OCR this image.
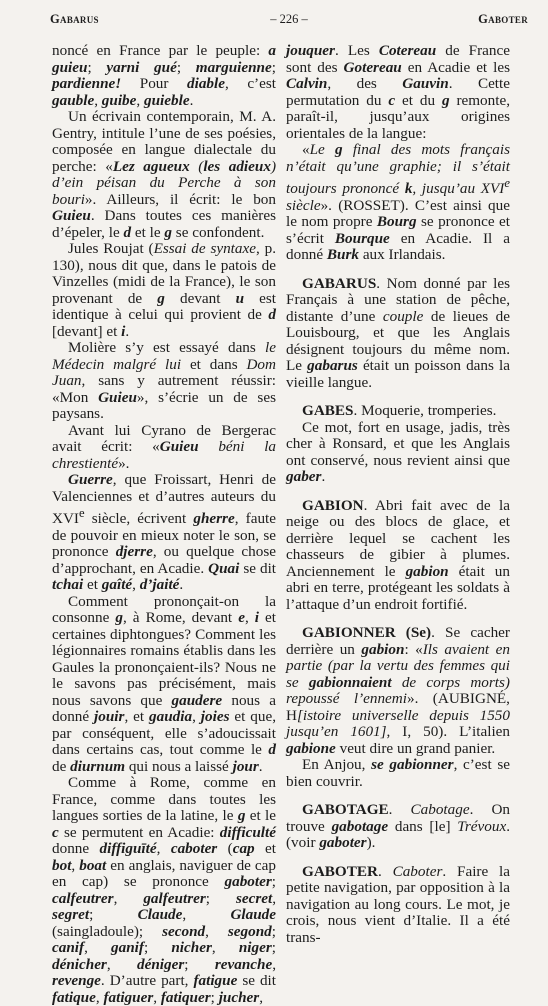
Gabarus	– 226 –	Gaboter

noncé en France par le peuple: a guieu; yarni gué; marguienne; pardienne! Pour diable, c’est gauble, guibe, guieble.

Un écrivain contemporain, M. A. Gentry, intitule l’une de ses poésies, composée en langue dialectale du perche: «Lez agueux (les adieux) d’ein péisan du Perche à son bouri». Ailleurs, il écrit: le bon Guieu. Dans toutes ces manières d’épeler, le d et le g se confondent.

Jules Roujat (Essai de syntaxe, p. 130), nous dit que, dans le patois de Vinzelles (midi de la France), le son provenant de g devant u est identique à celui qui provient de d [devant] et i.

Molière s’y est essayé dans le Médecin malgré lui et dans Dom Juan, sans y autrement réussir: «Mon Guieu», s’écrie un de ses paysans.

Avant lui Cyrano de Bergerac avait écrit: «Guieu béni la chrestienté».

Guerre, que Froissart, Henri de Valenciennes et d’autres auteurs du XVIe siècle, écrivent gherre, faute de pouvoir en mieux noter le son, se prononce djerre, ou quelque chose d’approchant, en Acadie. Quai se dit tchai et gaîté, d’jaité.

Comment prononçait-on la consonne g, à Rome, devant e, i et certaines diphtongues? Comment les légionnaires romains établis dans les Gaules la prononçaient-ils? Nous ne le savons pas précisément, mais nous savons que gaudere nous a donné jouir, et gaudia, joies et que, par conséquent, elle s’adoucissait dans certains cas, tout comme le d de diurnum qui nous a laissé jour.

Comme à Rome, comme en France, comme dans toutes les langues sorties de la latine, le g et le c se permutent en Acadie: difficulté donne diffiguīté, caboter (cap et bot, boat en anglais, naviguer de cap en cap) se prononce gaboter; calfeutrer, galfeutrer; secret, segret; Claude, Glaude (saingladoule); second, segond; canif, ganif; nicher, niger; dénicher, déniger; revanche, revenge. D’autre part, fatigue se dit fatique, fatiguer, fatiquer; jucher,

jouquer. Les Cotereau de France sont des Gotereau en Acadie et les Calvin, des Gauvin. Cette permutation du c et du g remonte, paraît-il, jusqu’aux origines orientales de la langue:

«Le g final des mots français n’était qu’une graphie; il s’était toujours prononcé k, jusqu’au XVIe siècle». (ROSSET). C’est ainsi que le nom propre Bourg se prononce et s’écrit Bourque en Acadie. Il a donné Burk aux Irlandais.

GABARUS. Nom donné par les Français à une station de pêche, distante d’une couple de lieues de Louisbourg, et que les Anglais désignent toujours du même nom. Le gabarus était un poisson dans la vieille langue.

GABES. Moquerie, tromperies.

Ce mot, fort en usage, jadis, très cher à Ronsard, et que les Anglais ont conservé, nous revient ainsi que gaber.

GABION. Abri fait avec de la neige ou des blocs de glace, et derrière lequel se cachent les chasseurs de gibier à plumes. Anciennement le gabion était un abri en terre, protégeant les soldats à l’attaque d’un endroit fortifié.

GABIONNER (Se). Se cacher derrière un gabion: «Ils avaient en partie (par la vertu des femmes qui se gabionnaient de corps morts) repoussé l’ennemi». (AUBIGNÉ, H[istoire universelle depuis 1550 jusqu’en 1601], I, 50). L’italien gabione veut dire un grand panier.

En Anjou, se gabionner, c’est se bien couvrir.

GABOTAGE. Cabotage. On trouve gabotage dans [le] Trévoux. (voir gaboter).

GABOTER. Caboter. Faire la petite navigation, par opposition à la navigation au long cours. Le mot, je crois, nous vient d’Italie. Il a été trans-
